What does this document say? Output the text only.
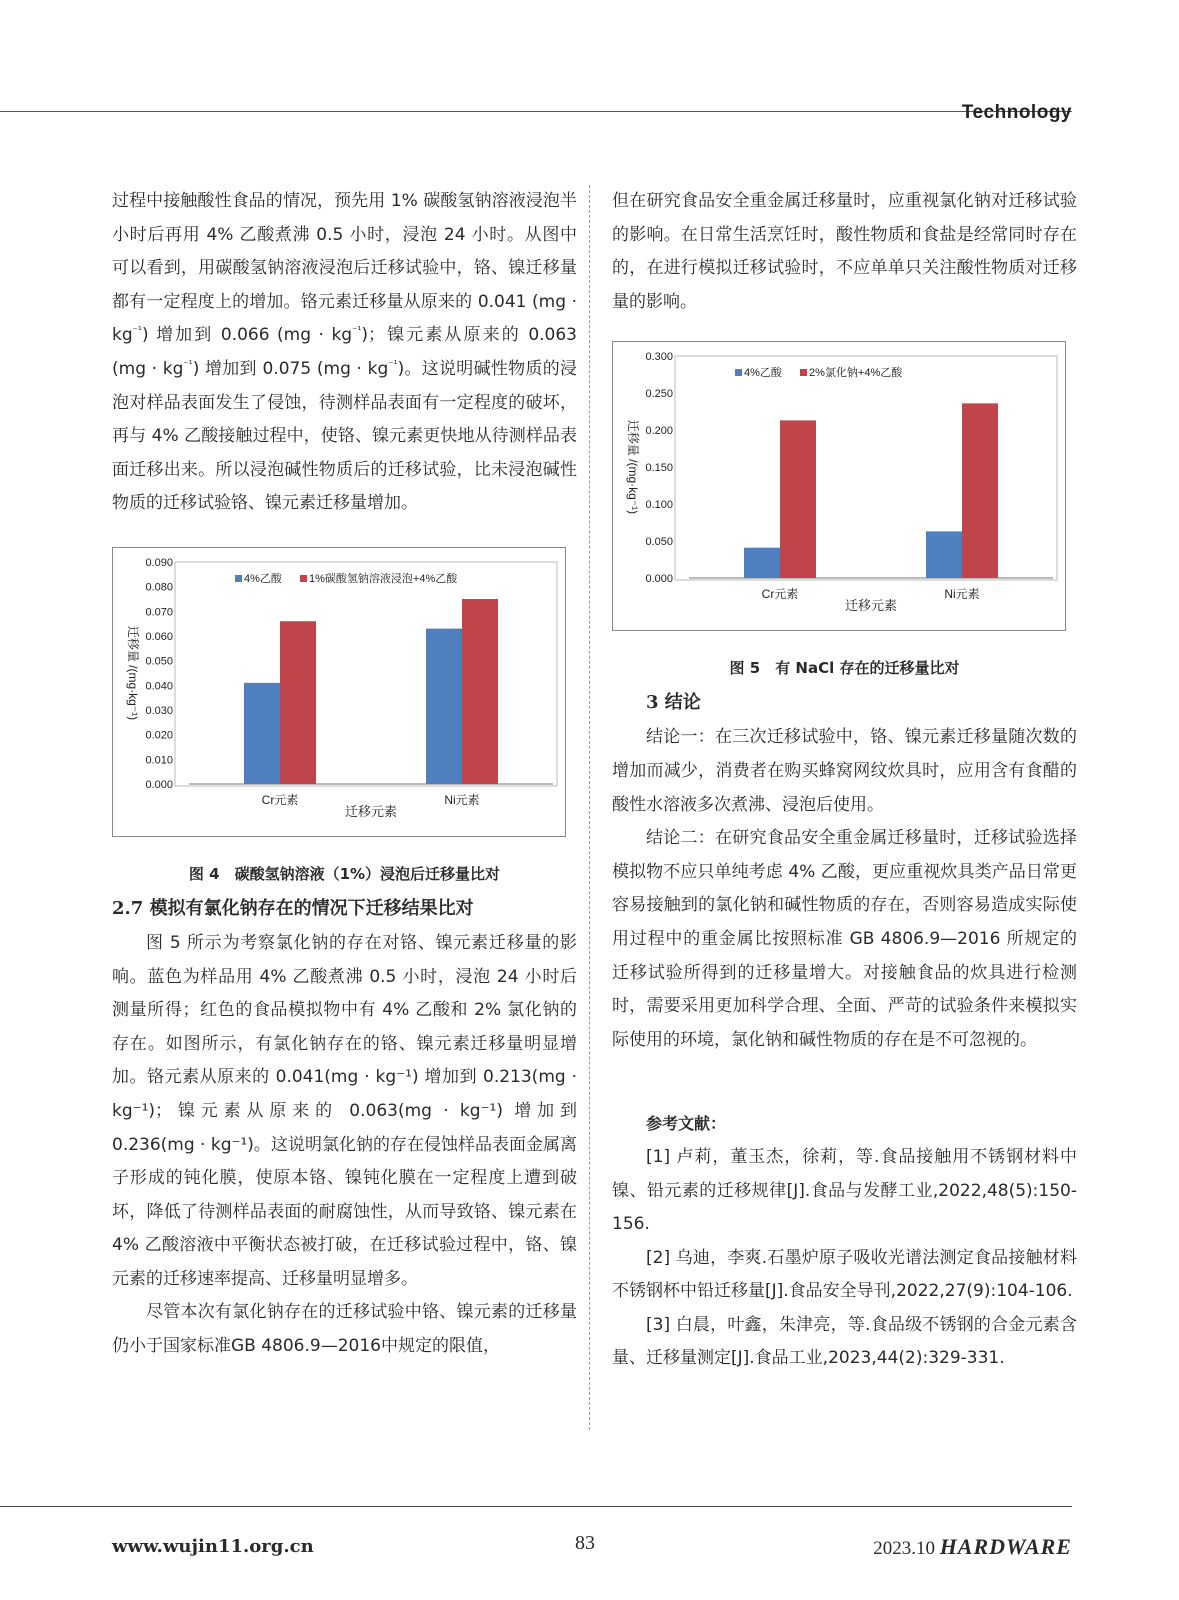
Technology

过程中接触酸性食品的情况，预先用 1% 碳酸氢钠溶液浸泡半小时后再用 4% 乙酸煮沸 0.5 小时，浸泡 24 小时。从图中可以看到，用碳酸氢钠溶液浸泡后迁移试验中，铬、镍迁移量都有一定程度上的增加。铬元素迁移量从原来的 0.041 $(mg \cdot kg^{^{-1}})$ 增加到 0.066 $(mg \cdot kg^{^{-1}})$；镍元素从原来的 0.063 $(mg \cdot kg^{^{-1}})$ 增加到 0.075 $(mg \cdot kg^{^{-1}})$。这说明碱性物质的浸泡对样品表面发生了侵蚀，待测样品表面有一定程度的破坏，再与 4% 乙酸接触过程中，使铬、镍元素更快地从待测样品表面迁移出来。所以浸泡碱性物质后的迁移试验，比未浸泡碱性物质的迁移试验铬、镍元素迁移量增加。

0.000
0.010
0.020
0.030
0.040
0.050
0.060
0.070
0.080
0.090
Cr元素	Ni元素
迁移元素
迁移量 /(mg·kg⁻¹)
4%乙酸 1%碳酸氢钠溶液浸泡+4%乙酸
图 4　碳酸氢钠溶液（1%）浸泡后迁移量比对

2.7 模拟有氯化钠存在的情况下迁移结果比对

图 5 所示为考察氯化钠的存在对铬、镍元素迁移量的影响。蓝色为样品用 4% 乙酸煮沸 0.5 小时，浸泡 24 小时后测量所得；红色的食品模拟物中有 4% 乙酸和 2% 氯化钠的存在。如图所示，有氯化钠存在的铬、镍元素迁移量明显增加。铬元素从原来的 0.041(mg · kg⁻¹) 增加到 0.213(mg · kg⁻¹)；镍元素从原来的 0.063(mg · kg⁻¹) 增加到 0.236(mg · kg⁻¹)。这说明氯化钠的存在侵蚀样品表面金属离子形成的钝化膜，使原本铬、镍钝化膜在一定程度上遭到破坏，降低了待测样品表面的耐腐蚀性，从而导致铬、镍元素在 4% 乙酸溶液中平衡状态被打破，在迁移试验过程中，铬、镍元素的迁移速率提高、迁移量明显增多。

尽管本次有氯化钠存在的迁移试验中铬、镍元素的迁移量仍小于国家标准GB 4806.9—2016中规定的限值，

但在研究食品安全重金属迁移量时，应重视氯化钠对迁移试验的影响。在日常生活烹饪时，酸性物质和食盐是经常同时存在的，在进行模拟迁移试验时，不应单单只关注酸性物质对迁移量的影响。

0.000
0.050
0.100
0.150
0.200
0.250
0.300
Cr元素	Ni元素
迁移元素
迁移量 /(mg·kg⁻¹)
4%乙酸 2%氯化钠+4%乙酸
图 5　有 NaCl 存在的迁移量比对

3 结论

结论一：在三次迁移试验中，铬、镍元素迁移量随次数的增加而减少，消费者在购买蜂窝网纹炊具时，应用含有食醋的酸性水溶液多次煮沸、浸泡后使用。

结论二：在研究食品安全重金属迁移量时，迁移试验选择模拟物不应只单纯考虑 4% 乙酸，更应重视炊具类产品日常更容易接触到的氯化钠和碱性物质的存在，否则容易造成实际使用过程中的重金属比按照标准 GB 4806.9—2016 所规定的迁移试验所得到的迁移量增大。对接触食品的炊具进行检测时，需要采用更加科学合理、全面、严苛的试验条件来模拟实际使用的环境，氯化钠和碱性物质的存在是不可忽视的。

参考文献：

[1] 卢莉，董玉杰，徐莉，等.食品接触用不锈钢材料中镍、铅元素的迁移规律[J].食品与发酵工业,2022,48(5):150-156.

[2] 乌迪，李爽.石墨炉原子吸收光谱法测定食品接触材料不锈钢杯中铅迁移量[J].食品安全导刊,2022,27(9):104-106.

[3] 白晨，叶鑫，朱津亮，等.食品级不锈钢的合金元素含量、迁移量测定[J].食品工业,2023,44(2):329-331.

www.wujin11.org.cn	83	2023.10 HARDWARE
